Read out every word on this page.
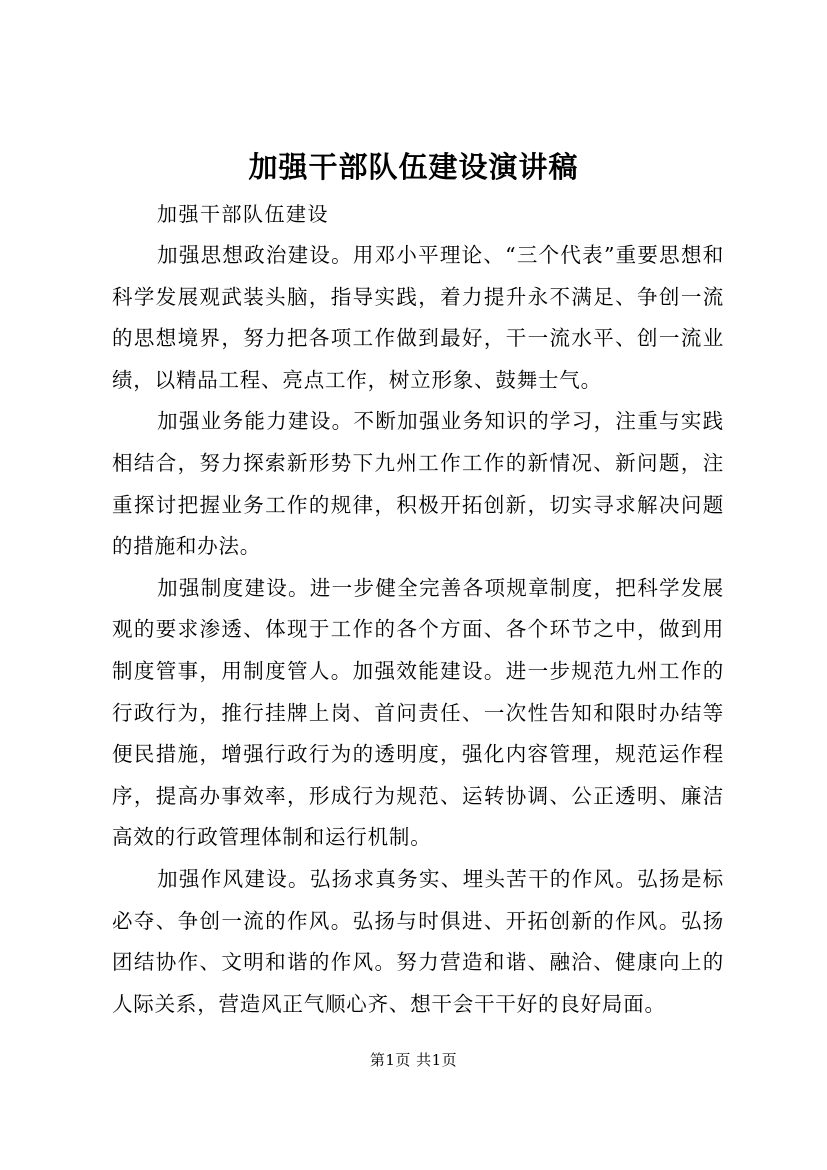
加强干部队伍建设演讲稿
加强干部队伍建设

加强思想政治建设。用邓小平理论、“三个代表”重要思想和科学发展观武装头脑，指导实践，着力提升永不满足、争创一流的思想境界，努力把各项工作做到最好，干一流水平、创一流业绩，以精品工程、亮点工作，树立形象、鼓舞士气。

加强业务能力建设。不断加强业务知识的学习，注重与实践相结合，努力探索新形势下九州工作工作的新情况、新问题，注重探讨把握业务工作的规律，积极开拓创新，切实寻求解决问题的措施和办法。

加强制度建设。进一步健全完善各项规章制度，把科学发展观的要求渗透、体现于工作的各个方面、各个环节之中，做到用制度管事，用制度管人。加强效能建设。进一步规范九州工作的行政行为，推行挂牌上岗、首问责任、一次性告知和限时办结等便民措施，增强行政行为的透明度，强化内容管理，规范运作程序，提高办事效率，形成行为规范、运转协调、公正透明、廉洁高效的行政管理体制和运行机制。

加强作风建设。弘扬求真务实、埋头苦干的作风。弘扬是标必夺、争创一流的作风。弘扬与时俱进、开拓创新的作风。弘扬团结协作、文明和谐的作风。努力营造和谐、融洽、健康向上的人际关系，营造风正气顺心齐、想干会干干好的良好局面。

第1页 共1页
